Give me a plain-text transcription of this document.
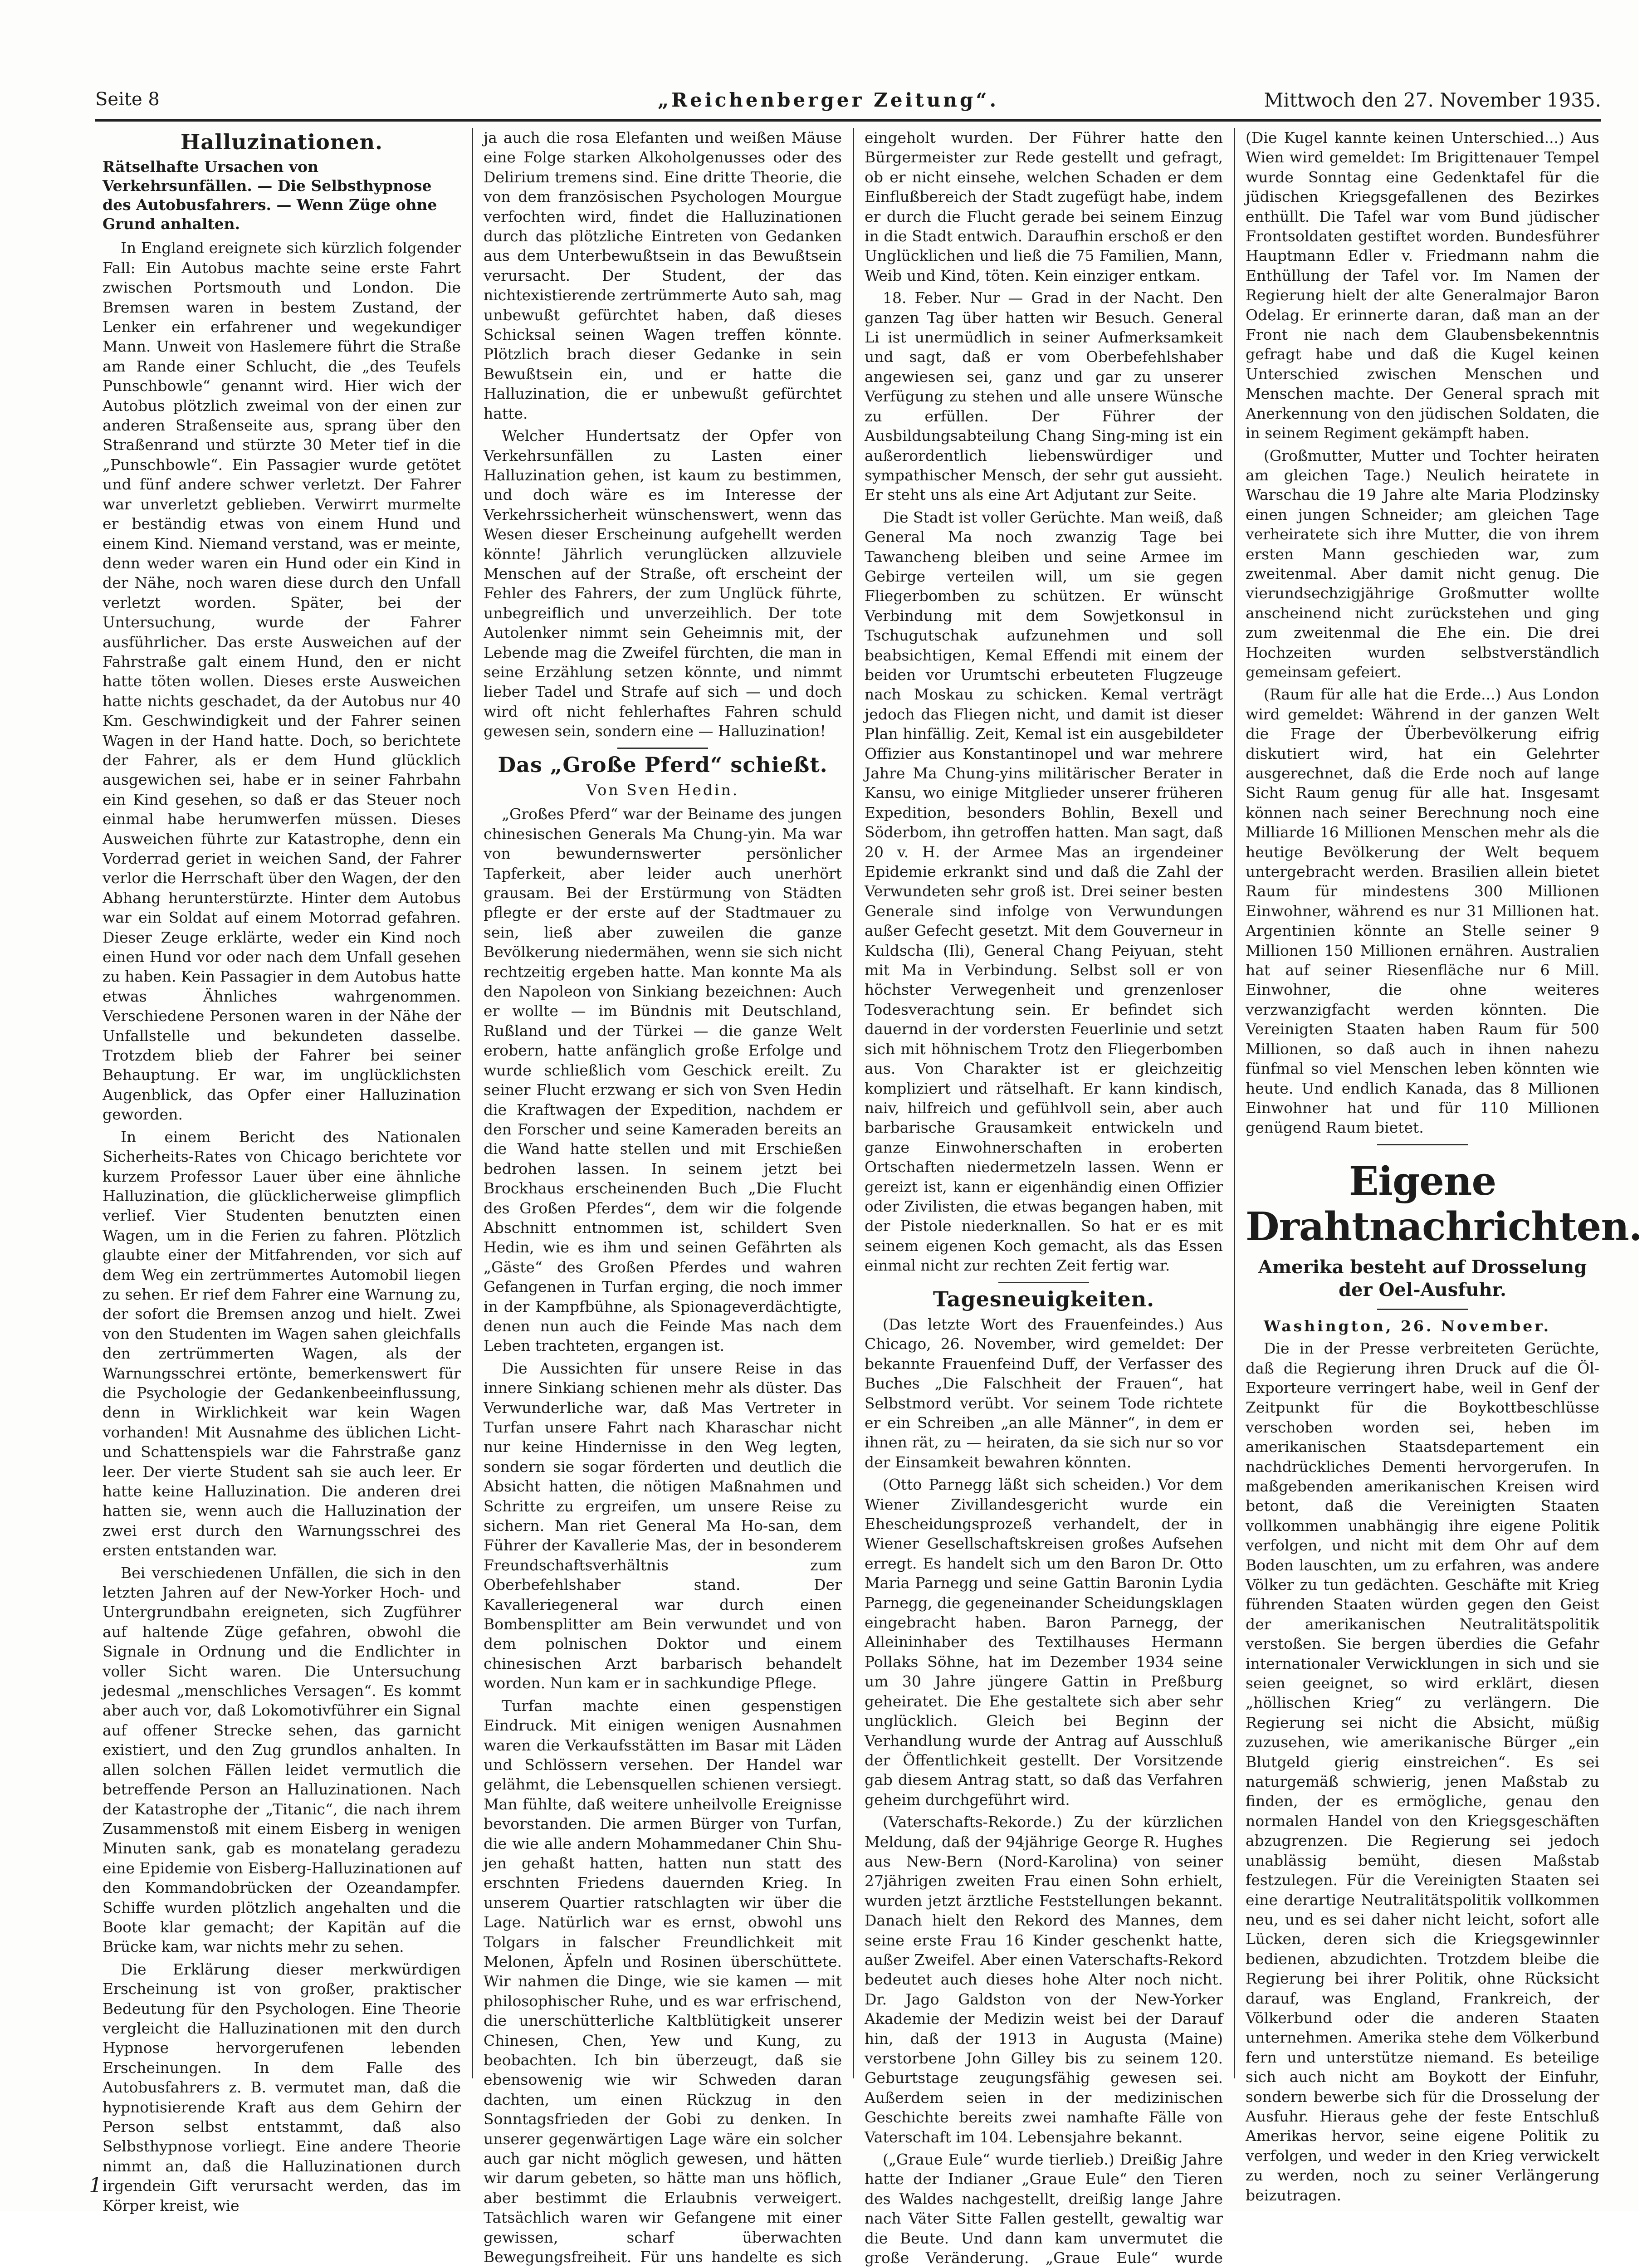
Seite 8	„Reichenberger Zeitung“.	Mittwoch den 27. November 1935.
Halluzinationen.
Rätselhafte Ursachen von Verkehrsunfällen. — Die Selbsthypnose des Autobusfahrers. — Wenn Züge ohne Grund anhalten.

In England ereignete sich kürzlich folgender Fall: Ein Autobus machte seine erste Fahrt zwischen Portsmouth und London. Die Bremsen waren in bestem Zustand, der Lenker ein erfahrener und wegekundiger Mann. Unweit von Haslemere führt die Straße am Rande einer Schlucht, die „des Teufels Punschbowle“ genannt wird. Hier wich der Autobus plötzlich zweimal von der einen zur anderen Straßenseite aus, sprang über den Straßenrand und stürzte 30 Meter tief in die „Punschbowle“. Ein Passagier wurde getötet und fünf andere schwer verletzt. Der Fahrer war unverletzt geblieben. Verwirrt murmelte er beständig etwas von einem Hund und einem Kind. Niemand verstand, was er meinte, denn weder waren ein Hund oder ein Kind in der Nähe, noch waren diese durch den Unfall verletzt worden. Später, bei der Untersuchung, wurde der Fahrer ausführlicher. Das erste Ausweichen auf der Fahrstraße galt einem Hund, den er nicht hatte töten wollen. Dieses erste Ausweichen hatte nichts geschadet, da der Autobus nur 40 Km. Geschwindigkeit und der Fahrer seinen Wagen in der Hand hatte. Doch, so berichtete der Fahrer, als er dem Hund glücklich ausgewichen sei, habe er in seiner Fahrbahn ein Kind gesehen, so daß er das Steuer noch einmal habe herumwerfen müssen. Dieses Ausweichen führte zur Katastrophe, denn ein Vorderrad geriet in weichen Sand, der Fahrer verlor die Herrschaft über den Wagen, der den Abhang herunterstürzte. Hinter dem Autobus war ein Soldat auf einem Motorrad gefahren. Dieser Zeuge erklärte, weder ein Kind noch einen Hund vor oder nach dem Unfall gesehen zu haben. Kein Passagier in dem Autobus hatte etwas Ähnliches wahrgenommen. Verschiedene Personen waren in der Nähe der Unfallstelle und bekundeten dasselbe. Trotzdem blieb der Fahrer bei seiner Behauptung. Er war, im unglücklichsten Augenblick, das Opfer einer Halluzination geworden.

In einem Bericht des Nationalen Sicherheits-Rates von Chicago berichtete vor kurzem Professor Lauer über eine ähnliche Halluzination, die glücklicherweise glimpflich verlief. Vier Studenten benutzten einen Wagen, um in die Ferien zu fahren. Plötzlich glaubte einer der Mitfahrenden, vor sich auf dem Weg ein zertrümmertes Automobil liegen zu sehen. Er rief dem Fahrer eine Warnung zu, der sofort die Bremsen anzog und hielt. Zwei von den Studenten im Wagen sahen gleichfalls den zertrümmerten Wagen, als der Warnungsschrei ertönte, bemerkenswert für die Psychologie der Gedankenbeeinflussung, denn in Wirklichkeit war kein Wagen vorhanden! Mit Ausnahme des üblichen Licht- und Schattenspiels war die Fahrstraße ganz leer. Der vierte Student sah sie auch leer. Er hatte keine Halluzination. Die anderen drei hatten sie, wenn auch die Halluzination der zwei erst durch den Warnungsschrei des ersten entstanden war.

Bei verschiedenen Unfällen, die sich in den letzten Jahren auf der New-Yorker Hoch- und Untergrundbahn ereigneten, sich Zugführer auf haltende Züge gefahren, obwohl die Signale in Ordnung und die Endlichter in voller Sicht waren. Die Untersuchung jedesmal „menschliches Versagen“. Es kommt aber auch vor, daß Lokomotivführer ein Signal auf offener Strecke sehen, das garnicht existiert, und den Zug grundlos anhalten. In allen solchen Fällen leidet vermutlich die betreffende Person an Halluzinationen. Nach der Katastrophe der „Titanic“, die nach ihrem Zusammenstoß mit einem Eisberg in wenigen Minuten sank, gab es monatelang geradezu eine Epidemie von Eisberg-Halluzinationen auf den Kommandobrücken der Ozeandampfer. Schiffe wurden plötzlich angehalten und die Boote klar gemacht; der Kapitän auf die Brücke kam, war nichts mehr zu sehen.

Die Erklärung dieser merkwürdigen Erscheinung ist von großer, praktischer Bedeutung für den Psychologen. Eine Theorie vergleicht die Halluzinationen mit den durch Hypnose hervorgerufenen lebenden Erscheinungen. In dem Falle des Autobusfahrers z. B. vermutet man, daß die hypnotisierende Kraft aus dem Gehirn der Person selbst entstammt, daß also Selbsthypnose vorliegt. Eine andere Theorie nimmt an, daß die Halluzinationen durch irgendein Gift verursacht werden, das im Körper kreist, wie

ja auch die rosa Elefanten und weißen Mäuse eine Folge starken Alkoholgenusses oder des Delirium tremens sind. Eine dritte Theorie, die von dem französischen Psychologen Mourgue verfochten wird, findet die Halluzinationen durch das plötzliche Eintreten von Gedanken aus dem Unterbewußtsein in das Bewußtsein verursacht. Der Student, der das nichtexistierende zertrümmerte Auto sah, mag unbewußt gefürchtet haben, daß dieses Schicksal seinen Wagen treffen könnte. Plötzlich brach dieser Gedanke in sein Bewußtsein ein, und er hatte die Halluzination, die er unbewußt gefürchtet hatte.

Welcher Hundertsatz der Opfer von Verkehrsunfällen zu Lasten einer Halluzination gehen, ist kaum zu bestimmen, und doch wäre es im Interesse der Verkehrssicherheit wünschenswert, wenn das Wesen dieser Erscheinung aufgehellt werden könnte! Jährlich verunglücken allzuviele Menschen auf der Straße, oft erscheint der Fehler des Fahrers, der zum Unglück führte, unbegreiflich und unverzeihlich. Der tote Autolenker nimmt sein Geheimnis mit, der Lebende mag die Zweifel fürchten, die man in seine Erzählung setzen könnte, und nimmt lieber Tadel und Strafe auf sich — und doch wird oft nicht fehlerhaftes Fahren schuld gewesen sein, sondern eine — Halluzination!

Das „Große Pferd“ schießt.
Von Sven Hedin.

„Großes Pferd“ war der Beiname des jungen chinesischen Generals Ma Chung-yin. Ma war von bewundernswerter persönlicher Tapferkeit, aber leider auch unerhört grausam. Bei der Erstürmung von Städten pflegte er der erste auf der Stadtmauer zu sein, ließ aber zuweilen die ganze Bevölkerung niedermähen, wenn sie sich nicht rechtzeitig ergeben hatte. Man konnte Ma als den Napoleon von Sinkiang bezeichnen: Auch er wollte — im Bündnis mit Deutschland, Rußland und der Türkei — die ganze Welt erobern, hatte anfänglich große Erfolge und wurde schließlich vom Geschick ereilt. Zu seiner Flucht erzwang er sich von Sven Hedin die Kraftwagen der Expedition, nachdem er den Forscher und seine Kameraden bereits an die Wand hatte stellen und mit Erschießen bedrohen lassen. In seinem jetzt bei Brockhaus erscheinenden Buch „Die Flucht des Großen Pferdes“, dem wir die folgende Abschnitt entnommen ist, schildert Sven Hedin, wie es ihm und seinen Gefährten als „Gäste“ des Großen Pferdes und wahren Gefangenen in Turfan erging, die noch immer in der Kampfbühne, als Spionageverdächtigte, denen nun auch die Feinde Mas nach dem Leben trachteten, ergangen ist.

Die Aussichten für unsere Reise in das innere Sinkiang schienen mehr als düster. Das Verwunderliche war, daß Mas Vertreter in Turfan unsere Fahrt nach Kharaschar nicht nur keine Hindernisse in den Weg legten, sondern sie sogar förderten und deutlich die Absicht hatten, die nötigen Maßnahmen und Schritte zu ergreifen, um unsere Reise zu sichern. Man riet General Ma Ho-san, dem Führer der Kavallerie Mas, der in besonderem Freundschaftsverhältnis zum Oberbefehlshaber stand. Der Kavalleriegeneral war durch einen Bombensplitter am Bein verwundet und von dem polnischen Doktor und einem chinesischen Arzt barbarisch behandelt worden. Nun kam er in sachkundige Pflege.

Turfan machte einen gespenstigen Eindruck. Mit einigen wenigen Ausnahmen waren die Verkaufsstätten im Basar mit Läden und Schlössern versehen. Der Handel war gelähmt, die Lebensquellen schienen versiegt. Man fühlte, daß weitere unheilvolle Ereignisse bevorstanden. Die armen Bürger von Turfan, die wie alle andern Mohammedaner Chin Shu-jen gehaßt hatten, hatten nun statt des erschnten Friedens dauernden Krieg. In unserem Quartier ratschlagten wir über die Lage. Natürlich war es ernst, obwohl uns Tolgars in falscher Freundlichkeit mit Melonen, Äpfeln und Rosinen überschüttete. Wir nahmen die Dinge, wie sie kamen — mit philosophischer Ruhe, und es war erfrischend, die unerschütterliche Kaltblütigkeit unserer Chinesen, Chen, Yew und Kung, zu beobachten. Ich bin überzeugt, daß sie ebensowenig wie wir Schweden daran dachten, um einen Rückzug in den Sonntagsfrieden der Gobi zu denken. In unserer gegenwärtigen Lage wäre ein solcher auch gar nicht möglich gewesen, und hätten wir darum gebeten, so hätte man uns höflich, aber bestimmt die Erlaubnis verweigert. Tatsächlich waren wir Gefangene mit einer gewissen, scharf überwachten Bewegungsfreiheit. Für uns handelte es sich

eingeholt wurden. Der Führer hatte den Bürgermeister zur Rede gestellt und gefragt, ob er nicht einsehe, welchen Schaden er dem Einflußbereich der Stadt zugefügt habe, indem er durch die Flucht gerade bei seinem Einzug in die Stadt entwich. Daraufhin erschoß er den Unglücklichen und ließ die 75 Familien, Mann, Weib und Kind, töten. Kein einziger entkam.

18. Feber. Nur — Grad in der Nacht. Den ganzen Tag über hatten wir Besuch. General Li ist unermüdlich in seiner Aufmerksamkeit und sagt, daß er vom Oberbefehlshaber angewiesen sei, ganz und gar zu unserer Verfügung zu stehen und alle unsere Wünsche zu erfüllen. Der Führer der Ausbildungsabteilung Chang Sing-ming ist ein außerordentlich liebenswürdiger und sympathischer Mensch, der sehr gut aussieht. Er steht uns als eine Art Adjutant zur Seite.

Die Stadt ist voller Gerüchte. Man weiß, daß General Ma noch zwanzig Tage bei Tawancheng bleiben und seine Armee im Gebirge verteilen will, um sie gegen Fliegerbomben zu schützen. Er wünscht Verbindung mit dem Sowjetkonsul in Tschugutschak aufzunehmen und soll beabsichtigen, Kemal Effendi mit einem der beiden vor Urumtschi erbeuteten Flugzeuge nach Moskau zu schicken. Kemal verträgt jedoch das Fliegen nicht, und damit ist dieser Plan hinfällig. Zeit, Kemal ist ein ausgebildeter Offizier aus Konstantinopel und war mehrere Jahre Ma Chung-yins militärischer Berater in Kansu, wo einige Mitglieder unserer früheren Expedition, besonders Bohlin, Bexell und Söderbom, ihn getroffen hatten. Man sagt, daß 20 v. H. der Armee Mas an irgendeiner Epidemie erkrankt sind und daß die Zahl der Verwundeten sehr groß ist. Drei seiner besten Generale sind infolge von Verwundungen außer Gefecht gesetzt. Mit dem Gouverneur in Kuldscha (Ili), General Chang Peiyuan, steht mit Ma in Verbindung. Selbst soll er von höchster Verwegenheit und grenzenloser Todesverachtung sein. Er befindet sich dauernd in der vordersten Feuerlinie und setzt sich mit höhnischem Trotz den Fliegerbomben aus. Von Charakter ist er gleichzeitig kompliziert und rätselhaft. Er kann kindisch, naiv, hilfreich und gefühlvoll sein, aber auch barbarische Grausamkeit entwickeln und ganze Einwohnerschaften in eroberten Ortschaften niedermetzeln lassen. Wenn er gereizt ist, kann er eigenhändig einen Offizier oder Zivilisten, die etwas begangen haben, mit der Pistole niederknallen. So hat er es mit seinem eigenen Koch gemacht, als das Essen einmal nicht zur rechten Zeit fertig war.

Tagesneuigkeiten.

(Das letzte Wort des Frauenfeindes.) Aus Chicago, 26. November, wird gemeldet: Der bekannte Frauenfeind Duff, der Verfasser des Buches „Die Falschheit der Frauen“, hat Selbstmord verübt. Vor seinem Tode richtete er ein Schreiben „an alle Männer“, in dem er ihnen rät, zu — heiraten, da sie sich nur so vor der Einsamkeit bewahren könnten.

(Otto Parnegg läßt sich scheiden.) Vor dem Wiener Zivillandesgericht wurde ein Ehescheidungsprozeß verhandelt, der in Wiener Gesellschaftskreisen großes Aufsehen erregt. Es handelt sich um den Baron Dr. Otto Maria Parnegg und seine Gattin Baronin Lydia Parnegg, die gegeneinander Scheidungsklagen eingebracht haben. Baron Parnegg, der Alleininhaber des Textilhauses Hermann Pollaks Söhne, hat im Dezember 1934 seine um 30 Jahre jüngere Gattin in Preßburg geheiratet. Die Ehe gestaltete sich aber sehr unglücklich. Gleich bei Beginn der Verhandlung wurde der Antrag auf Ausschluß der Öffentlichkeit gestellt. Der Vorsitzende gab diesem Antrag statt, so daß das Verfahren geheim durchgeführt wird.

(Vaterschafts-Rekorde.) Zu der kürzlichen Meldung, daß der 94jährige George R. Hughes aus New-Bern (Nord-Karolina) von seiner 27jährigen zweiten Frau einen Sohn erhielt, wurden jetzt ärztliche Feststellungen bekannt. Danach hielt den Rekord des Mannes, dem seine erste Frau 16 Kinder geschenkt hatte, außer Zweifel. Aber einen Vaterschafts-Rekord bedeutet auch dieses hohe Alter noch nicht. Dr. Jago Galdston von der New-Yorker Akademie der Medizin weist bei der Darauf hin, daß der 1913 in Augusta (Maine) verstorbene John Gilley bis zu seinem 120. Geburtstage zeugungsfähig gewesen sei. Außerdem seien in der medizinischen Geschichte bereits zwei namhafte Fälle von Vaterschaft im 104. Lebensjahre bekannt.

(„Graue Eule“ wurde tierlieb.) Dreißig Jahre hatte der Indianer „Graue Eule“ den Tieren des Waldes nachgestellt, dreißig lange Jahre nach Väter Sitte Fallen gestellt, gewaltig war die Beute. Und dann kam unvermutet die große Veränderung. „Graue Eule“ wurde

(Die Kugel kannte keinen Unterschied...) Aus Wien wird gemeldet: Im Brigittenauer Tempel wurde Sonntag eine Gedenktafel für die jüdischen Kriegsgefallenen des Bezirkes enthüllt. Die Tafel war vom Bund jüdischer Frontsoldaten gestiftet worden. Bundesführer Hauptmann Edler v. Friedmann nahm die Enthüllung der Tafel vor. Im Namen der Regierung hielt der alte Generalmajor Baron Odelag. Er erinnerte daran, daß man an der Front nie nach dem Glaubensbekenntnis gefragt habe und daß die Kugel keinen Unterschied zwischen Menschen und Menschen machte. Der General sprach mit Anerkennung von den jüdischen Soldaten, die in seinem Regiment gekämpft haben.

(Großmutter, Mutter und Tochter heiraten am gleichen Tage.) Neulich heiratete in Warschau die 19 Jahre alte Maria Plodzinsky einen jungen Schneider; am gleichen Tage verheiratete sich ihre Mutter, die von ihrem ersten Mann geschieden war, zum zweitenmal. Aber damit nicht genug. Die vierundsechzigjährige Großmutter wollte anscheinend nicht zurückstehen und ging zum zweitenmal die Ehe ein. Die drei Hochzeiten wurden selbstverständlich gemeinsam gefeiert.

(Raum für alle hat die Erde...) Aus London wird gemeldet: Während in der ganzen Welt die Frage der Überbevölkerung eifrig diskutiert wird, hat ein Gelehrter ausgerechnet, daß die Erde noch auf lange Sicht Raum genug für alle hat. Insgesamt können nach seiner Berechnung noch eine Milliarde 16 Millionen Menschen mehr als die heutige Bevölkerung der Welt bequem untergebracht werden. Brasilien allein bietet Raum für mindestens 300 Millionen Einwohner, während es nur 31 Millionen hat. Argentinien könnte an Stelle seiner 9 Millionen 150 Millionen ernähren. Australien hat auf seiner Riesenfläche nur 6 Mill. Einwohner, die ohne weiteres verzwanzigfacht werden könnten. Die Vereinigten Staaten haben Raum für 500 Millionen, so daß auch in ihnen nahezu fünfmal so viel Menschen leben könnten wie heute. Und endlich Kanada, das 8 Millionen Einwohner hat und für 110 Millionen genügend Raum bietet.

Eigene Drahtnachrichten.
Amerika besteht auf Drosselung der Oel-Ausfuhr.

Washington, 26. November.

Die in der Presse verbreiteten Gerüchte, daß die Regierung ihren Druck auf die Öl-Exporteure verringert habe, weil in Genf der Zeitpunkt für die Boykottbeschlüsse verschoben worden sei, heben im amerikanischen Staatsdepartement ein nachdrückliches Dementi hervorgerufen. In maßgebenden amerikanischen Kreisen wird betont, daß die Vereinigten Staaten vollkommen unabhängig ihre eigene Politik verfolgen, und nicht mit dem Ohr auf dem Boden lauschten, um zu erfahren, was andere Völker zu tun gedächten. Geschäfte mit Krieg führenden Staaten würden gegen den Geist der amerikanischen Neutralitätspolitik verstoßen. Sie bergen überdies die Gefahr internationaler Verwicklungen in sich und sie seien geeignet, so wird erklärt, diesen „höllischen Krieg“ zu verlängern. Die Regierung sei nicht die Absicht, müßig zuzusehen, wie amerikanische Bürger „ein Blutgeld gierig einstreichen“. Es sei naturgemäß schwierig, jenen Maßstab zu finden, der es ermögliche, genau den normalen Handel von den Kriegsgeschäften abzugrenzen. Die Regierung sei jedoch unablässig bemüht, diesen Maßstab festzulegen. Für die Vereinigten Staaten sei eine derartige Neutralitätspolitik vollkommen neu, und es sei daher nicht leicht, sofort alle Lücken, deren sich die Kriegsgewinnler bedienen, abzudichten. Trotzdem bleibe die Regierung bei ihrer Politik, ohne Rücksicht darauf, was England, Frankreich, der Völkerbund oder die anderen Staaten unternehmen. Amerika stehe dem Völkerbund fern und unterstütze niemand. Es beteilige sich auch nicht am Boykott der Einfuhr, sondern bewerbe sich für die Drosselung der Ausfuhr. Hieraus gehe der feste Entschluß Amerikas hervor, seine eigene Politik zu verfolgen, und weder in den Krieg verwickelt zu werden, noch zu seiner Verlängerung beizutragen.

1
